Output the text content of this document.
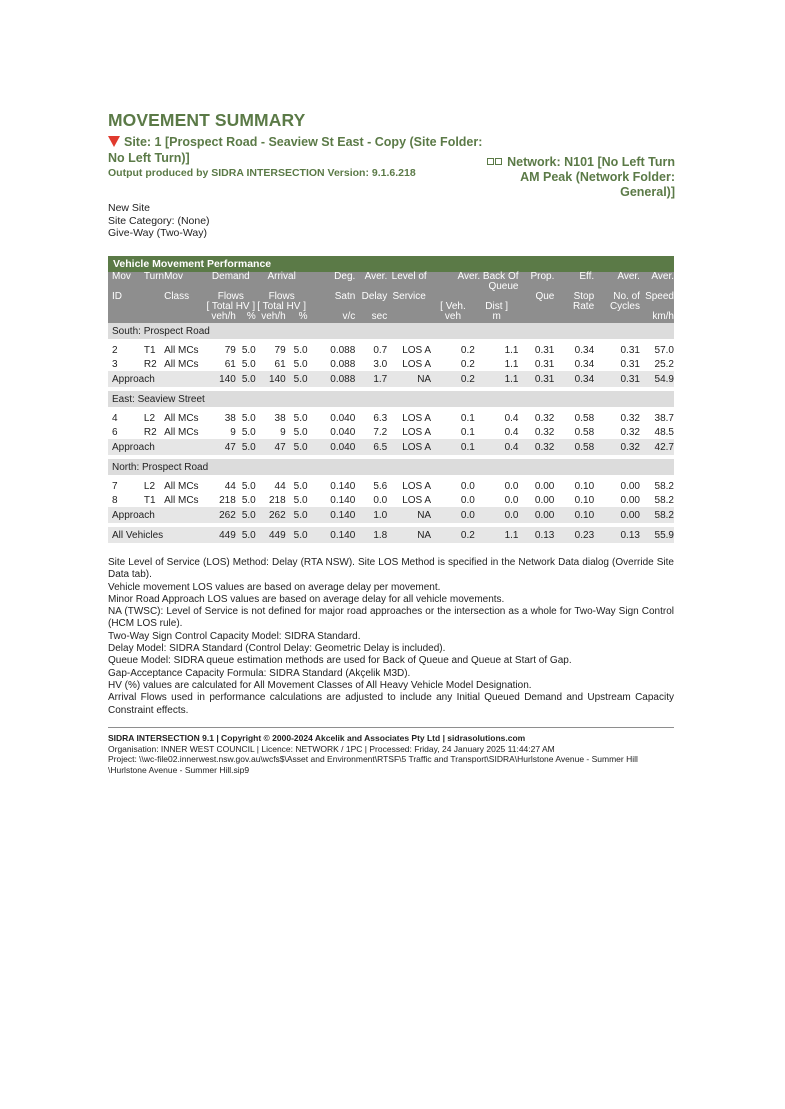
MOVEMENT SUMMARY
Site: 1 [Prospect Road - Seaview St East - Copy (Site Folder: No Left Turn)]
Output produced by SIDRA INTERSECTION Version: 9.1.6.218
Network: N101 [No Left Turn AM Peak (Network Folder: General)]
New Site
Site Category: (None)
Give-Way (Two-Way)
Vehicle Movement Performance															
Mov	Turn	Mov	Demand		Arrival		Deg.	Aver.	Level of	Aver. Back Of Queue		Prop.	Eff.	Aver.	Aver.
ID		Class	Flows		Flows		Satn	Delay	Service			Que	Stop	No. of	Speed
			[ Total HV ]		[ Total HV ]					[ Veh.	Dist ]		Rate	Cycles	
			veh/h	%	veh/h	%	v/c	sec		veh	m				km/h
South: Prospect Road															

2	T1	All MCs	79	5.0	79	5.0	0.088	0.7	LOS A	0.2	1.1	0.31	0.34	0.31	57.0
3	R2	All MCs	61	5.0	61	5.0	0.088	3.0	LOS A	0.2	1.1	0.31	0.34	0.31	25.2
Approach			140	5.0	140	5.0	0.088	1.7	NA	0.2	1.1	0.31	0.34	0.31	54.9

East: Seaview Street															

4	L2	All MCs	38	5.0	38	5.0	0.040	6.3	LOS A	0.1	0.4	0.32	0.58	0.32	38.7
6	R2	All MCs	9	5.0	9	5.0	0.040	7.2	LOS A	0.1	0.4	0.32	0.58	0.32	48.5
Approach			47	5.0	47	5.0	0.040	6.5	LOS A	0.1	0.4	0.32	0.58	0.32	42.7

North: Prospect Road															

7	L2	All MCs	44	5.0	44	5.0	0.140	5.6	LOS A	0.0	0.0	0.00	0.10	0.00	58.2
8	T1	All MCs	218	5.0	218	5.0	0.140	0.0	LOS A	0.0	0.0	0.00	0.10	0.00	58.2
Approach			262	5.0	262	5.0	0.140	1.0	NA	0.0	0.0	0.00	0.10	0.00	58.2

All Vehicles			449	5.0	449	5.0	0.140	1.8	NA	0.2	1.1	0.13	0.23	0.13	55.9

Site Level of Service (LOS) Method: Delay (RTA NSW). Site LOS Method is specified in the Network Data dialog (Override Site Data tab).

Vehicle movement LOS values are based on average delay per movement.

Minor Road Approach LOS values are based on average delay for all vehicle movements.

NA (TWSC): Level of Service is not defined for major road approaches or the intersection as a whole for Two-Way Sign Control (HCM LOS rule).

Two-Way Sign Control Capacity Model: SIDRA Standard.

Delay Model: SIDRA Standard (Control Delay: Geometric Delay is included).

Queue Model: SIDRA queue estimation methods are used for Back of Queue and Queue at Start of Gap.

Gap-Acceptance Capacity Formula: SIDRA Standard (Akçelik M3D).

HV (%) values are calculated for All Movement Classes of All Heavy Vehicle Model Designation.

Arrival Flows used in performance calculations are adjusted to include any Initial Queued Demand and Upstream Capacity Constraint effects.

SIDRA INTERSECTION 9.1 | Copyright © 2000-2024 Akcelik and Associates Pty Ltd | sidrasolutions.com

Organisation: INNER WEST COUNCIL | Licence: NETWORK / 1PC | Processed: Friday, 24 January 2025 11:44:27 AM

Project: \\wc-file02.innerwest.nsw.gov.au\wcfs$\Asset and Environment\RTSF\5 Traffic and Transport\SIDRA\Hurlstone Avenue - Summer Hill \Hurlstone Avenue - Summer Hill.sip9
